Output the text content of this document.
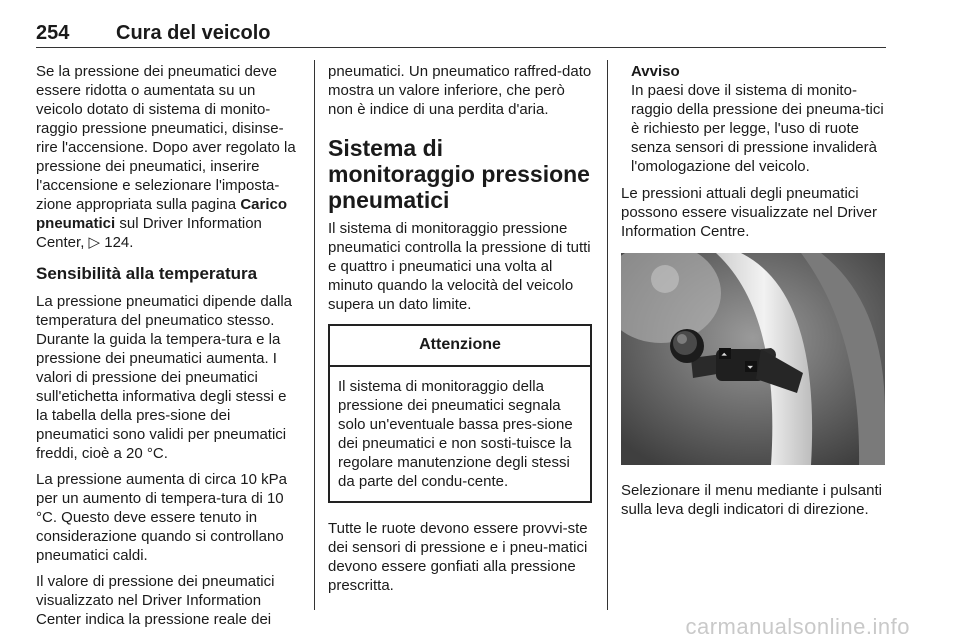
254 Cura del veicolo

Se la pressione dei pneumatici deve essere ridotta o aumentata su un veicolo dotato di sistema di monito-raggio pressione pneumatici, disinse-rire l'accensione. Dopo aver regolato la pressione dei pneumatici, inserire l'accensione e selezionare l'imposta-zione appropriata sulla pagina Carico pneumatici sul Driver Information Center, ▷ 124.

Sensibilità alla temperatura

La pressione pneumatici dipende dalla temperatura del pneumatico stesso. Durante la guida la tempera-tura e la pressione dei pneumatici aumenta. I valori di pressione dei pneumatici sull'etichetta informativa degli stessi e la tabella della pres-sione dei pneumatici sono validi per pneumatici freddi, cioè a 20 °C.

La pressione aumenta di circa 10 kPa per un aumento di tempera-tura di 10 °C. Questo deve essere tenuto in considerazione quando si controllano pneumatici caldi.

Il valore di pressione dei pneumatici visualizzato nel Driver Information Center indica la pressione reale dei

pneumatici. Un pneumatico raffred-dato mostra un valore inferiore, che però non è indice di una perdita d'aria.

Sistema di monitoraggio pressione pneumatici

Il sistema di monitoraggio pressione pneumatici controlla la pressione di tutti e quattro i pneumatici una volta al minuto quando la velocità del veicolo supera un dato limite.

Attenzione
Il sistema di monitoraggio della pressione dei pneumatici segnala solo un'eventuale bassa pres-sione dei pneumatici e non sosti-tuisce la regolare manutenzione degli stessi da parte del condu-cente.

Tutte le ruote devono essere provvi-ste dei sensori di pressione e i pneu-matici devono essere gonfiati alla pressione prescritta.

Avviso
In paesi dove il sistema di monito-raggio della pressione dei pneuma-tici è richiesto per legge, l'uso di ruote senza sensori di pressione invaliderà l'omologazione del veicolo.

Le pressioni attuali degli pneumatici possono essere visualizzate nel Driver Information Centre.

⏶
⏷

Selezionare il menu mediante i pulsanti sulla leva degli indicatori di direzione.

carmanualsonline.info
